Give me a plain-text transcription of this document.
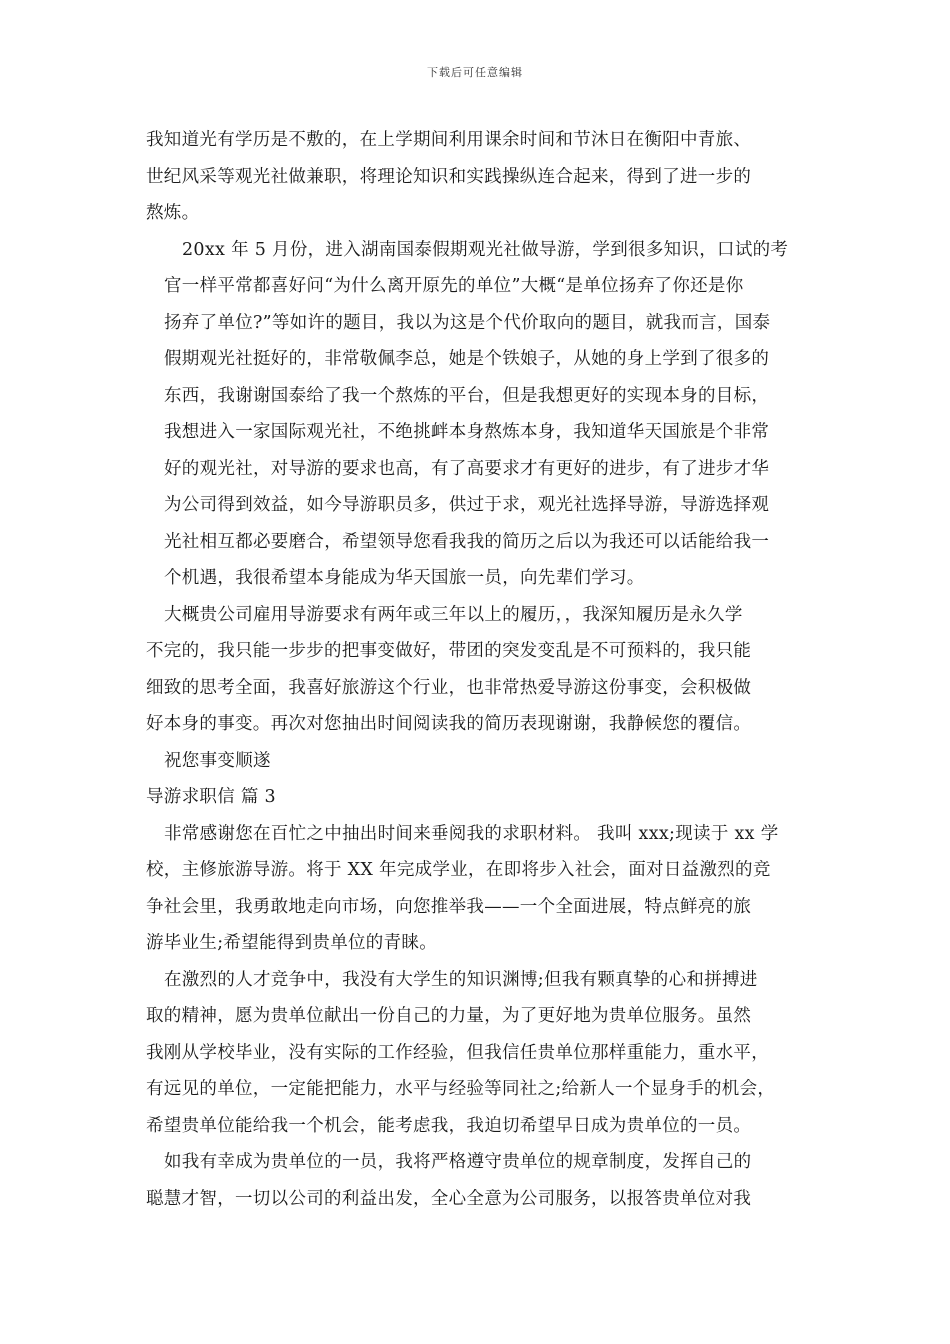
下载后可任意编辑
我知道光有学历是不敷的，在上学期间利用课余时间和节沐日在衡阳中青旅、
世纪风采等观光社做兼职，将理论知识和实践操纵连合起来，得到了进一步的
熬炼。
20xx 年 5 月份，进入湖南国泰假期观光社做导游，学到很多知识，口试的考
官一样平常都喜好问“为什么离开原先的单位”大概“是单位扬弃了你还是你
扬弃了单位?”等如许的题目，我以为这是个代价取向的题目，就我而言，国泰
假期观光社挺好的，非常敬佩李总，她是个铁娘子，从她的身上学到了很多的
东西，我谢谢国泰给了我一个熬炼的平台，但是我想更好的实现本身的目标，
我想进入一家国际观光社，不绝挑衅本身熬炼本身，我知道华天国旅是个非常
好的观光社，对导游的要求也高，有了高要求才有更好的进步，有了进步才华
为公司得到效益，如今导游职员多，供过于求，观光社选择导游，导游选择观
光社相互都必要磨合，希望领导您看我我的简历之后以为我还可以话能给我一
个机遇，我很希望本身能成为华天国旅一员，向先辈们学习。
大概贵公司雇用导游要求有两年或三年以上的履历，，我深知履历是永久学
不完的，我只能一步步的把事变做好，带团的突发变乱是不可预料的，我只能
细致的思考全面，我喜好旅游这个行业，也非常热爱导游这份事变，会积极做
好本身的事变。再次对您抽出时间阅读我的简历表现谢谢，我静候您的覆信。
祝您事变顺遂
导游求职信 篇 3
非常感谢您在百忙之中抽出时间来垂阅我的求职材料。 我叫 xxx;现读于 xx 学
校，主修旅游导游。将于 XX 年完成学业，在即将步入社会，面对日益激烈的竞
争社会里，我勇敢地走向市场，向您推举我——一个全面进展，特点鲜亮的旅
游毕业生;希望能得到贵单位的青睐。
在激烈的人才竞争中，我没有大学生的知识渊博;但我有颗真挚的心和拼搏进
取的精神，愿为贵单位献出一份自己的力量，为了更好地为贵单位服务。虽然
我刚从学校毕业，没有实际的工作经验，但我信任贵单位那样重能力，重水平，
有远见的单位，一定能把能力，水平与经验等同社之;给新人一个显身手的机会，
希望贵单位能给我一个机会，能考虑我，我迫切希望早日成为贵单位的一员。
如我有幸成为贵单位的一员，我将严格遵守贵单位的规章制度，发挥自己的
聪慧才智，一切以公司的利益出发，全心全意为公司服务，以报答贵单位对我
